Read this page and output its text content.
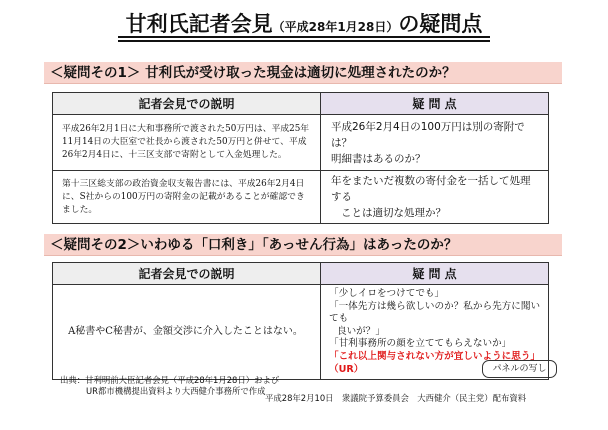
甘利氏記者会見（平成28年1月28日）の疑問点
＜疑問その1＞ 甘利氏が受け取った現金は適切に処理されたのか？
記者会見での説明	疑 問 点
平成26年2月1日に大和事務所で渡された50万円は、平成25年11月14日の大臣室で社長から渡された50万円と併せて、平成26年2月4日に、十三区支部で寄附として入金処理した。	平成26年2月4日の100万円は別の寄附では？
明細書はあるのか？
第十三区総支部の政治資金収支報告書には、平成26年2月4日に、S社からの100万円の寄附金の記載があることが確認できました。	年をまたいだ複数の寄付金を一括して処理する

ことは適切な処理か？
＜疑問その2＞いわゆる「口利き」「あっせん行為」はあったのか？
記者会見での説明	疑 問 点
A秘書やC秘書が、金額交渉に介入したことはない。	「少しイロをつけてでも」
「一体先方は幾ら欲しいのか？私から先方に聞いても
良いが？」
「甘利事務所の顔を立ててもらえないか」
「これ以上関与されない方が宜しいように思う」（UR）
出典：甘利明前大臣記者会見（平成28年1月28日）および
UR都市機構提出資料より大西健介事務所で作成
パネルの写し
平成28年2月10日　衆議院予算委員会　大西健介（民主党）配布資料
